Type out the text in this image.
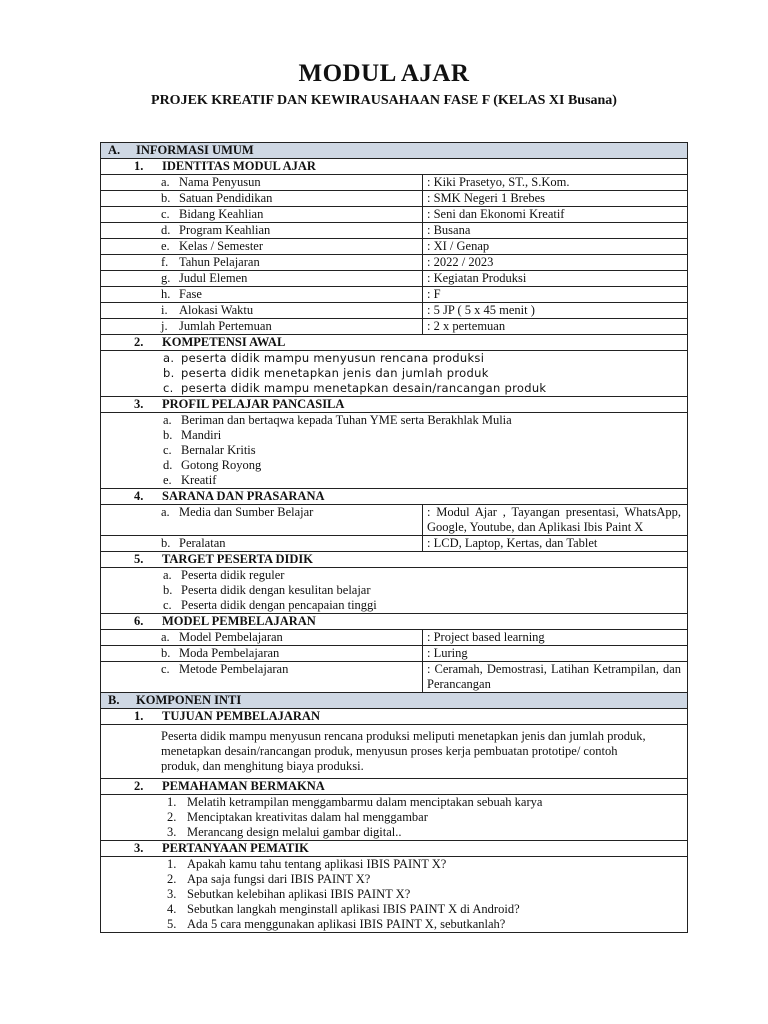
MODUL AJAR
PROJEK KREATIF DAN KEWIRAUSAHAAN FASE F (KELAS XI Busana)
A. INFORMASI UMUM
1. IDENTITAS MODUL AJAR
a. Nama Penyusun	: Kiki Prasetyo, ST., S.Kom.
b. Satuan Pendidikan	: SMK Negeri 1 Brebes
c. Bidang Keahlian	: Seni dan Ekonomi Kreatif
d. Program Keahlian	: Busana
e. Kelas / Semester	: XI / Genap
f. Tahun Pelajaran	: 2022 / 2023
g. Judul Elemen	: Kegiatan Produksi
h. Fase	: F
i. Alokasi Waktu	: 5 JP ( 5 x 45 menit )
j. Jumlah Pertemuan	: 2 x pertemuan
2. KOMPETENSI AWAL
a. peserta didik mampu menyusun rencana produksi
b. peserta didik menetapkan jenis dan jumlah produk
c. peserta didik mampu menetapkan desain/rancangan produk
3. PROFIL PELAJAR PANCASILA
a. Beriman dan bertaqwa kepada Tuhan YME serta Berakhlak Mulia
b. Mandiri
c. Bernalar Kritis
d. Gotong Royong
e. Kreatif
4. SARANA DAN PRASARANA
a. Media dan Sumber Belajar	: Modul Ajar , Tayangan presentasi, WhatsApp, Google, Youtube, dan Aplikasi Ibis Paint X
b. Peralatan	: LCD, Laptop, Kertas, dan Tablet
5. TARGET PESERTA DIDIK
a. Peserta didik reguler
b. Peserta didik dengan kesulitan belajar
c. Peserta didik dengan pencapaian tinggi
6. MODEL PEMBELAJARAN
a. Model Pembelajaran	: Project based learning
b. Moda Pembelajaran	: Luring
c. Metode Pembelajaran	: Ceramah, Demostrasi, Latihan Ketrampilan, dan Perancangan
B. KOMPONEN INTI
1. TUJUAN PEMBELAJARAN
Peserta didik mampu menyusun rencana produksi meliputi menetapkan jenis dan jumlah produk, menetapkan desain/rancangan produk, menyusun proses kerja pembuatan prototipe/ contoh produk, dan menghitung biaya produksi.
2. PEMAHAMAN BERMAKNA
1. Melatih ketrampilan menggambarmu dalam menciptakan sebuah karya
2. Menciptakan kreativitas dalam hal menggambar
3. Merancang design melalui gambar digital..
3. PERTANYAAN PEMATIK
1. Apakah kamu tahu tentang aplikasi IBIS PAINT X?
2. Apa saja fungsi dari IBIS PAINT X?
3. Sebutkan kelebihan aplikasi IBIS PAINT X?
4. Sebutkan langkah menginstall aplikasi IBIS PAINT X di Android?
5. Ada 5 cara menggunakan aplikasi IBIS PAINT X, sebutkanlah?
